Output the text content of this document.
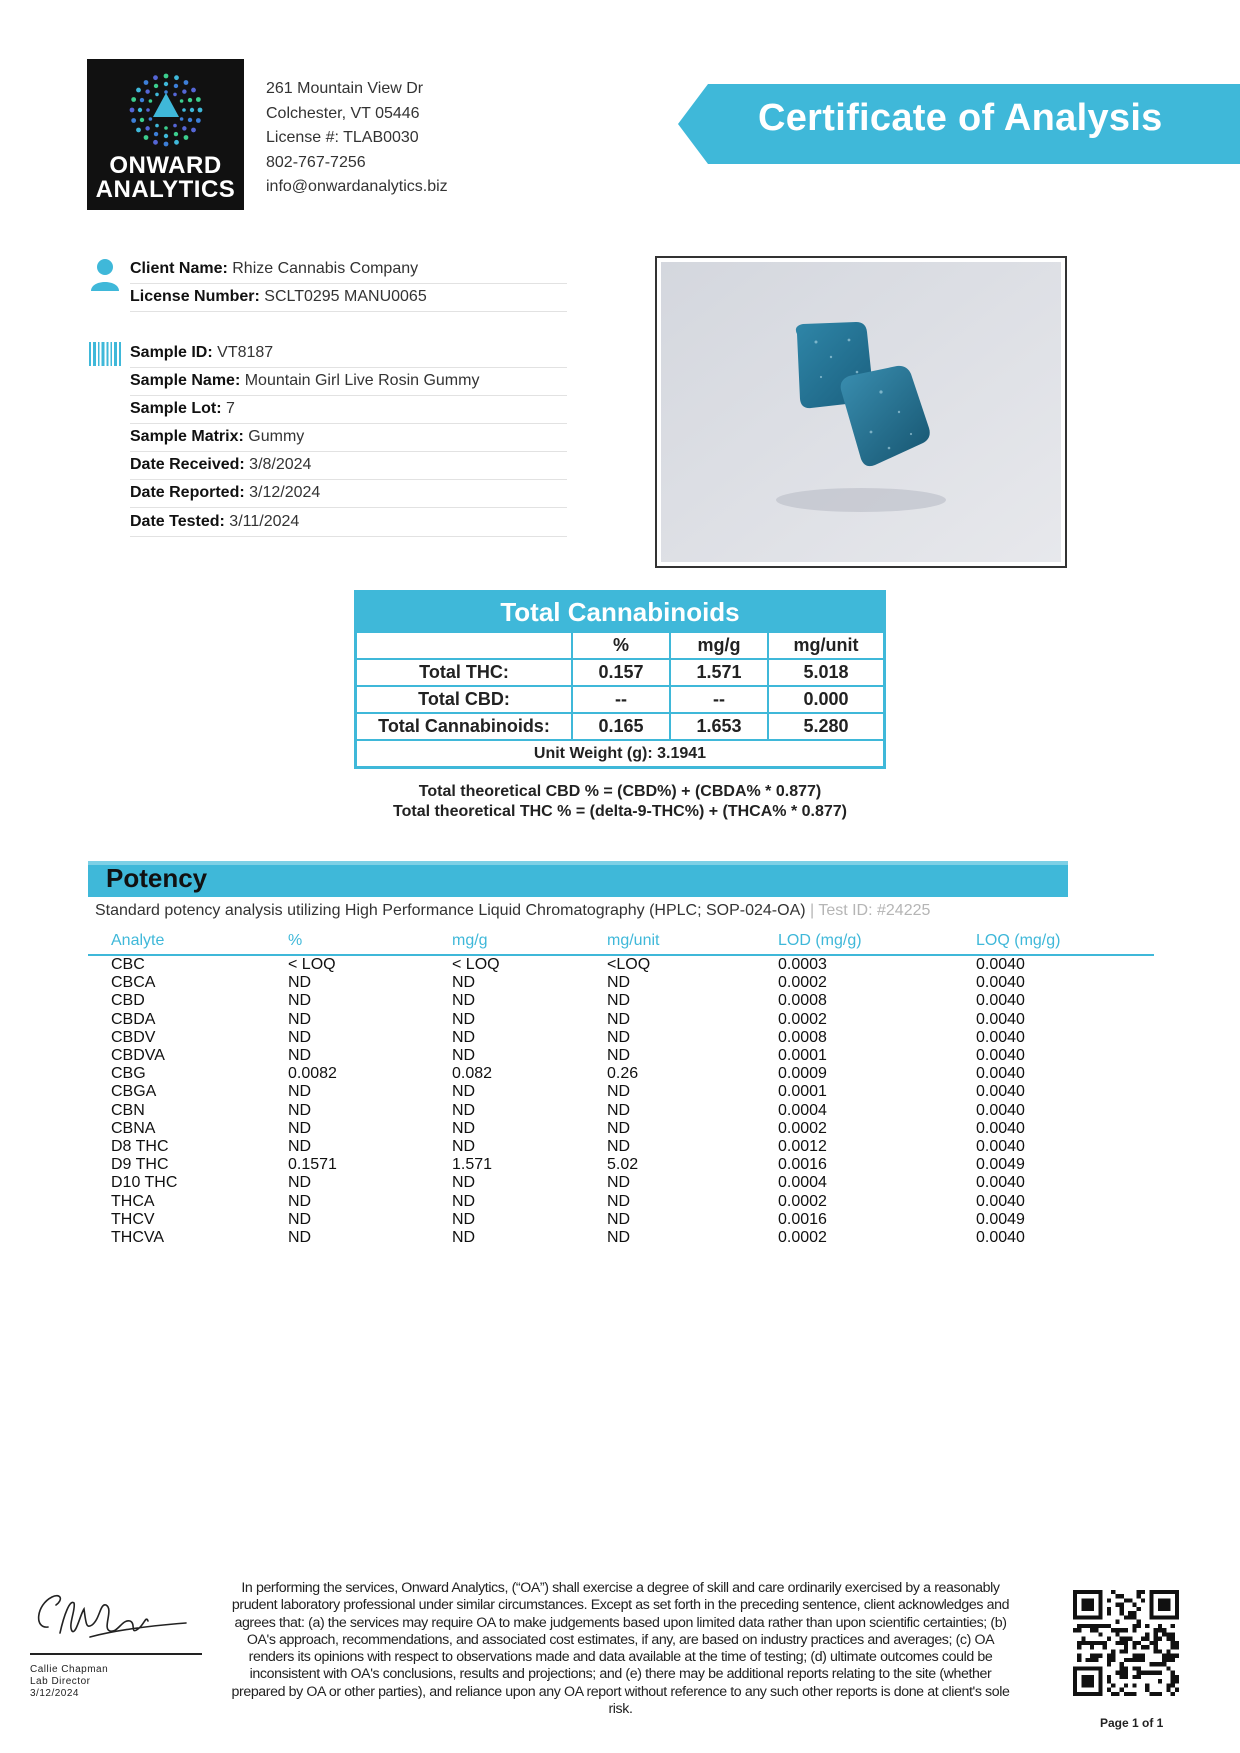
ONWARD
ANALYTICS
261 Mountain View Dr
Colchester, VT 05446
License #: TLAB0030
802-767-7256
info@onwardanalytics.biz
Certificate of Analysis
Client Name: Rhize Cannabis Company
License Number: SCLT0295 MANU0065
Sample ID: VT8187
Sample Name: Mountain Girl Live Rosin Gummy
Sample Lot: 7
Sample Matrix: Gummy
Date Received: 3/8/2024
Date Reported: 3/12/2024
Date Tested: 3/11/2024
Total Cannabinoids			
	%	mg/g	mg/unit
Total THC:	0.157	1.571	5.018
Total CBD:	--	--	0.000
Total Cannabinoids:	0.165	1.653	5.280
Unit Weight (g): 3.1941			
Total theoretical CBD % = (CBD%) + (CBDA% * 0.877)
Total theoretical THC % = (delta-9-THC%) + (THCA% * 0.877)
Potency
Standard potency analysis utilizing High Performance Liquid Chromatography (HPLC; SOP-024-OA) | Test ID: #24225
Analyte	%	mg/g	mg/unit	LOD (mg/g)	LOQ (mg/g)
CBC	< LOQ	< LOQ	<LOQ	0.0003	0.0040
CBCA	ND	ND	ND	0.0002	0.0040
CBD	ND	ND	ND	0.0008	0.0040
CBDA	ND	ND	ND	0.0002	0.0040
CBDV	ND	ND	ND	0.0008	0.0040
CBDVA	ND	ND	ND	0.0001	0.0040
CBG	0.0082	0.082	0.26	0.0009	0.0040
CBGA	ND	ND	ND	0.0001	0.0040
CBN	ND	ND	ND	0.0004	0.0040
CBNA	ND	ND	ND	0.0002	0.0040
D8 THC	ND	ND	ND	0.0012	0.0040
D9 THC	0.1571	1.571	5.02	0.0016	0.0049
D10 THC	ND	ND	ND	0.0004	0.0040
THCA	ND	ND	ND	0.0002	0.0040
THCV	ND	ND	ND	0.0016	0.0049
THCVA	ND	ND	ND	0.0002	0.0040
Callie Chapman
Lab Director
3/12/2024
In performing the services, Onward Analytics, (“OA”) shall exercise a degree of skill and care ordinarily exercised by a reasonably prudent laboratory professional under similar circumstances. Except as set forth in the preceding sentence, client acknowledges and agrees that: (a) the services may require OA to make judgements based upon limited data rather than upon scientific certainties; (b) OA's approach, recommendations, and associated cost estimates, if any, are based on industry practices and averages; (c) OA renders its opinions with respect to observations made and data available at the time of testing; (d) ultimate outcomes could be inconsistent with OA's conclusions, results and projections; and (e) there may be additional reports relating to the site (whether prepared by OA or other parties), and reliance upon any OA report without reference to any such other reports is done at client's sole risk.
Page 1 of 1
